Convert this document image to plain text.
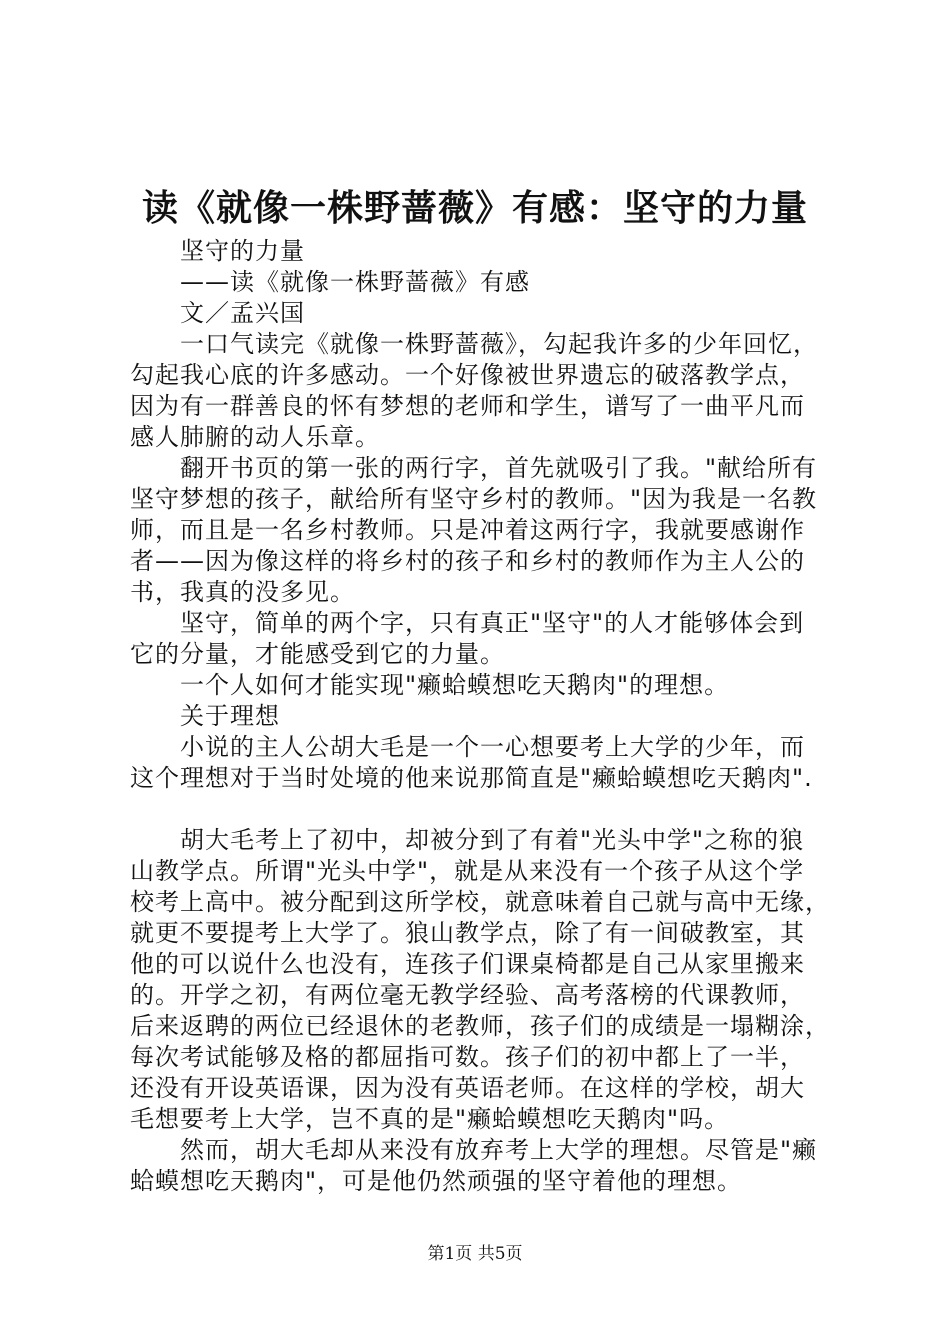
读《就像一株野蔷薇》有感：坚守的力量
坚守的力量
——读《就像一株野蔷薇》有感
文／孟兴国
一口气读完《就像一株野蔷薇》，勾起我许多的少年回忆，
勾起我心底的许多感动。一个好像被世界遗忘的破落教学点，
因为有一群善良的怀有梦想的老师和学生，谱写了一曲平凡而
感人肺腑的动人乐章。
翻开书页的第一张的两行字，首先就吸引了我。"献给所有
坚守梦想的孩子，献给所有坚守乡村的教师。"因为我是一名教
师，而且是一名乡村教师。只是冲着这两行字，我就要感谢作
者——因为像这样的将乡村的孩子和乡村的教师作为主人公的
书，我真的没多见。
坚守，简单的两个字，只有真正"坚守"的人才能够体会到
它的分量，才能感受到它的力量。
一个人如何才能实现"癞蛤蟆想吃天鹅肉"的理想。
关于理想
小说的主人公胡大毛是一个一心想要考上大学的少年，而
这个理想对于当时处境的他来说那简直是"癞蛤蟆想吃天鹅肉".
胡大毛考上了初中，却被分到了有着"光头中学"之称的狼
山教学点。所谓"光头中学"，就是从来没有一个孩子从这个学
校考上高中。被分配到这所学校，就意味着自己就与高中无缘，
就更不要提考上大学了。狼山教学点，除了有一间破教室，其
他的可以说什么也没有，连孩子们课桌椅都是自己从家里搬来
的。开学之初，有两位毫无教学经验、高考落榜的代课教师，
后来返聘的两位已经退休的老教师，孩子们的成绩是一塌糊涂，
每次考试能够及格的都屈指可数。孩子们的初中都上了一半，
还没有开设英语课，因为没有英语老师。在这样的学校，胡大
毛想要考上大学，岂不真的是"癞蛤蟆想吃天鹅肉"吗。
然而，胡大毛却从来没有放弃考上大学的理想。尽管是"癞
蛤蟆想吃天鹅肉"，可是他仍然顽强的坚守着他的理想。
第1页 共5页
